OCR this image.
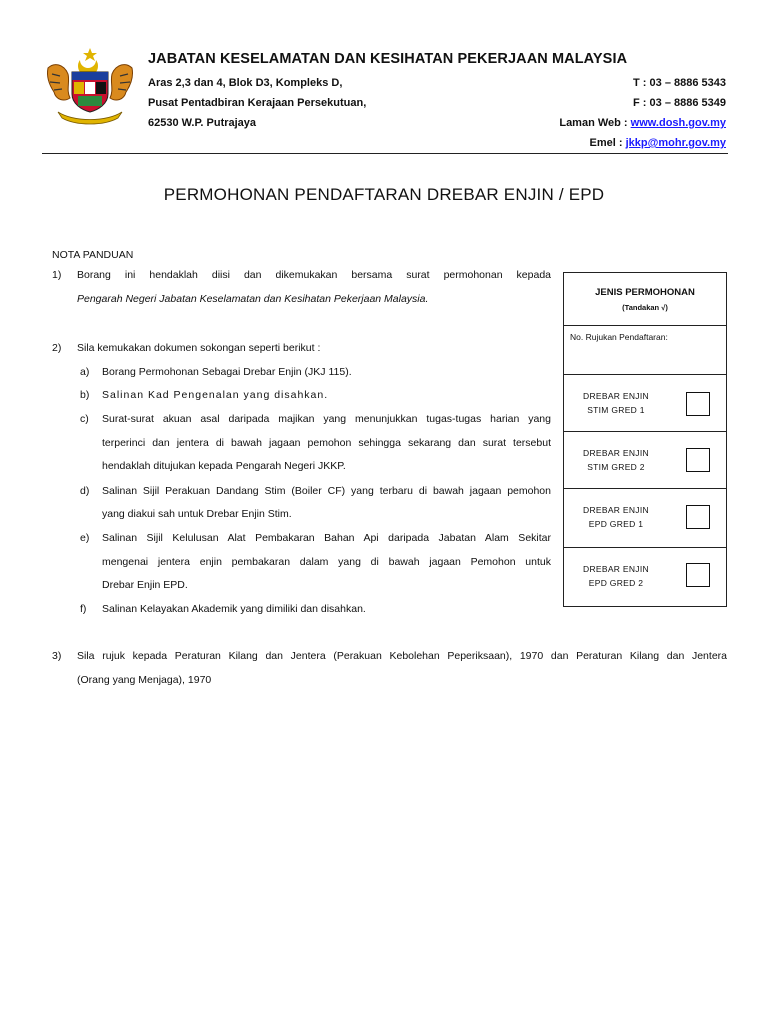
JABATAN KESELAMATAN DAN KESIHATAN PEKERJAAN MALAYSIA
Aras 2,3 dan 4, Blok D3, Kompleks D,
Pusat Pentadbiran Kerajaan Persekutuan,
62530 W.P. Putrajaya
T : 03 – 8886 5343
F : 03 – 8886 5349
Laman Web : www.dosh.gov.my
Emel : jkkp@mohr.gov.my
PERMOHONAN PENDAFTARAN DREBAR ENJIN / EPD
NOTA PANDUAN
1) Borang ini hendaklah diisi dan dikemukakan bersama surat permohonan kepada
Pengarah Negeri Jabatan Keselamatan dan Kesihatan Pekerjaan Malaysia.
2) Sila kemukakan dokumen sokongan seperti berikut :
a) Borang Permohonan Sebagai Drebar Enjin (JKJ 115).
b) Salinan Kad Pengenalan yang disahkan.
c) Surat-surat akuan asal daripada majikan yang menunjukkan tugas-tugas harian yang
terperinci dan jentera di bawah jagaan pemohon sehingga sekarang dan surat tersebut
hendaklah ditujukan kepada Pengarah Negeri JKKP.
d) Salinan Sijil Perakuan Dandang Stim (Boiler CF) yang terbaru di bawah jagaan pemohon
yang diakui sah untuk Drebar Enjin Stim.
e) Salinan Sijil Kelulusan Alat Pembakaran Bahan Api daripada Jabatan Alam Sekitar
mengenai jentera enjin pembakaran dalam yang di bawah jagaan Pemohon untuk
Drebar Enjin EPD.
f) Salinan Kelayakan Akademik yang dimiliki dan disahkan.
3) Sila rujuk kepada Peraturan Kilang dan Jentera (Perakuan Kebolehan Peperiksaan), 1970 dan Peraturan Kilang dan Jentera
(Orang yang Menjaga), 1970
JENIS PERMOHONAN
(Tandakan √)
No. Rujukan Pendaftaran:
DREBAR ENJIN
STIM GRED 1
DREBAR ENJIN
STIM GRED 2
DREBAR ENJIN
EPD GRED 1
DREBAR ENJIN
EPD GRED 2
